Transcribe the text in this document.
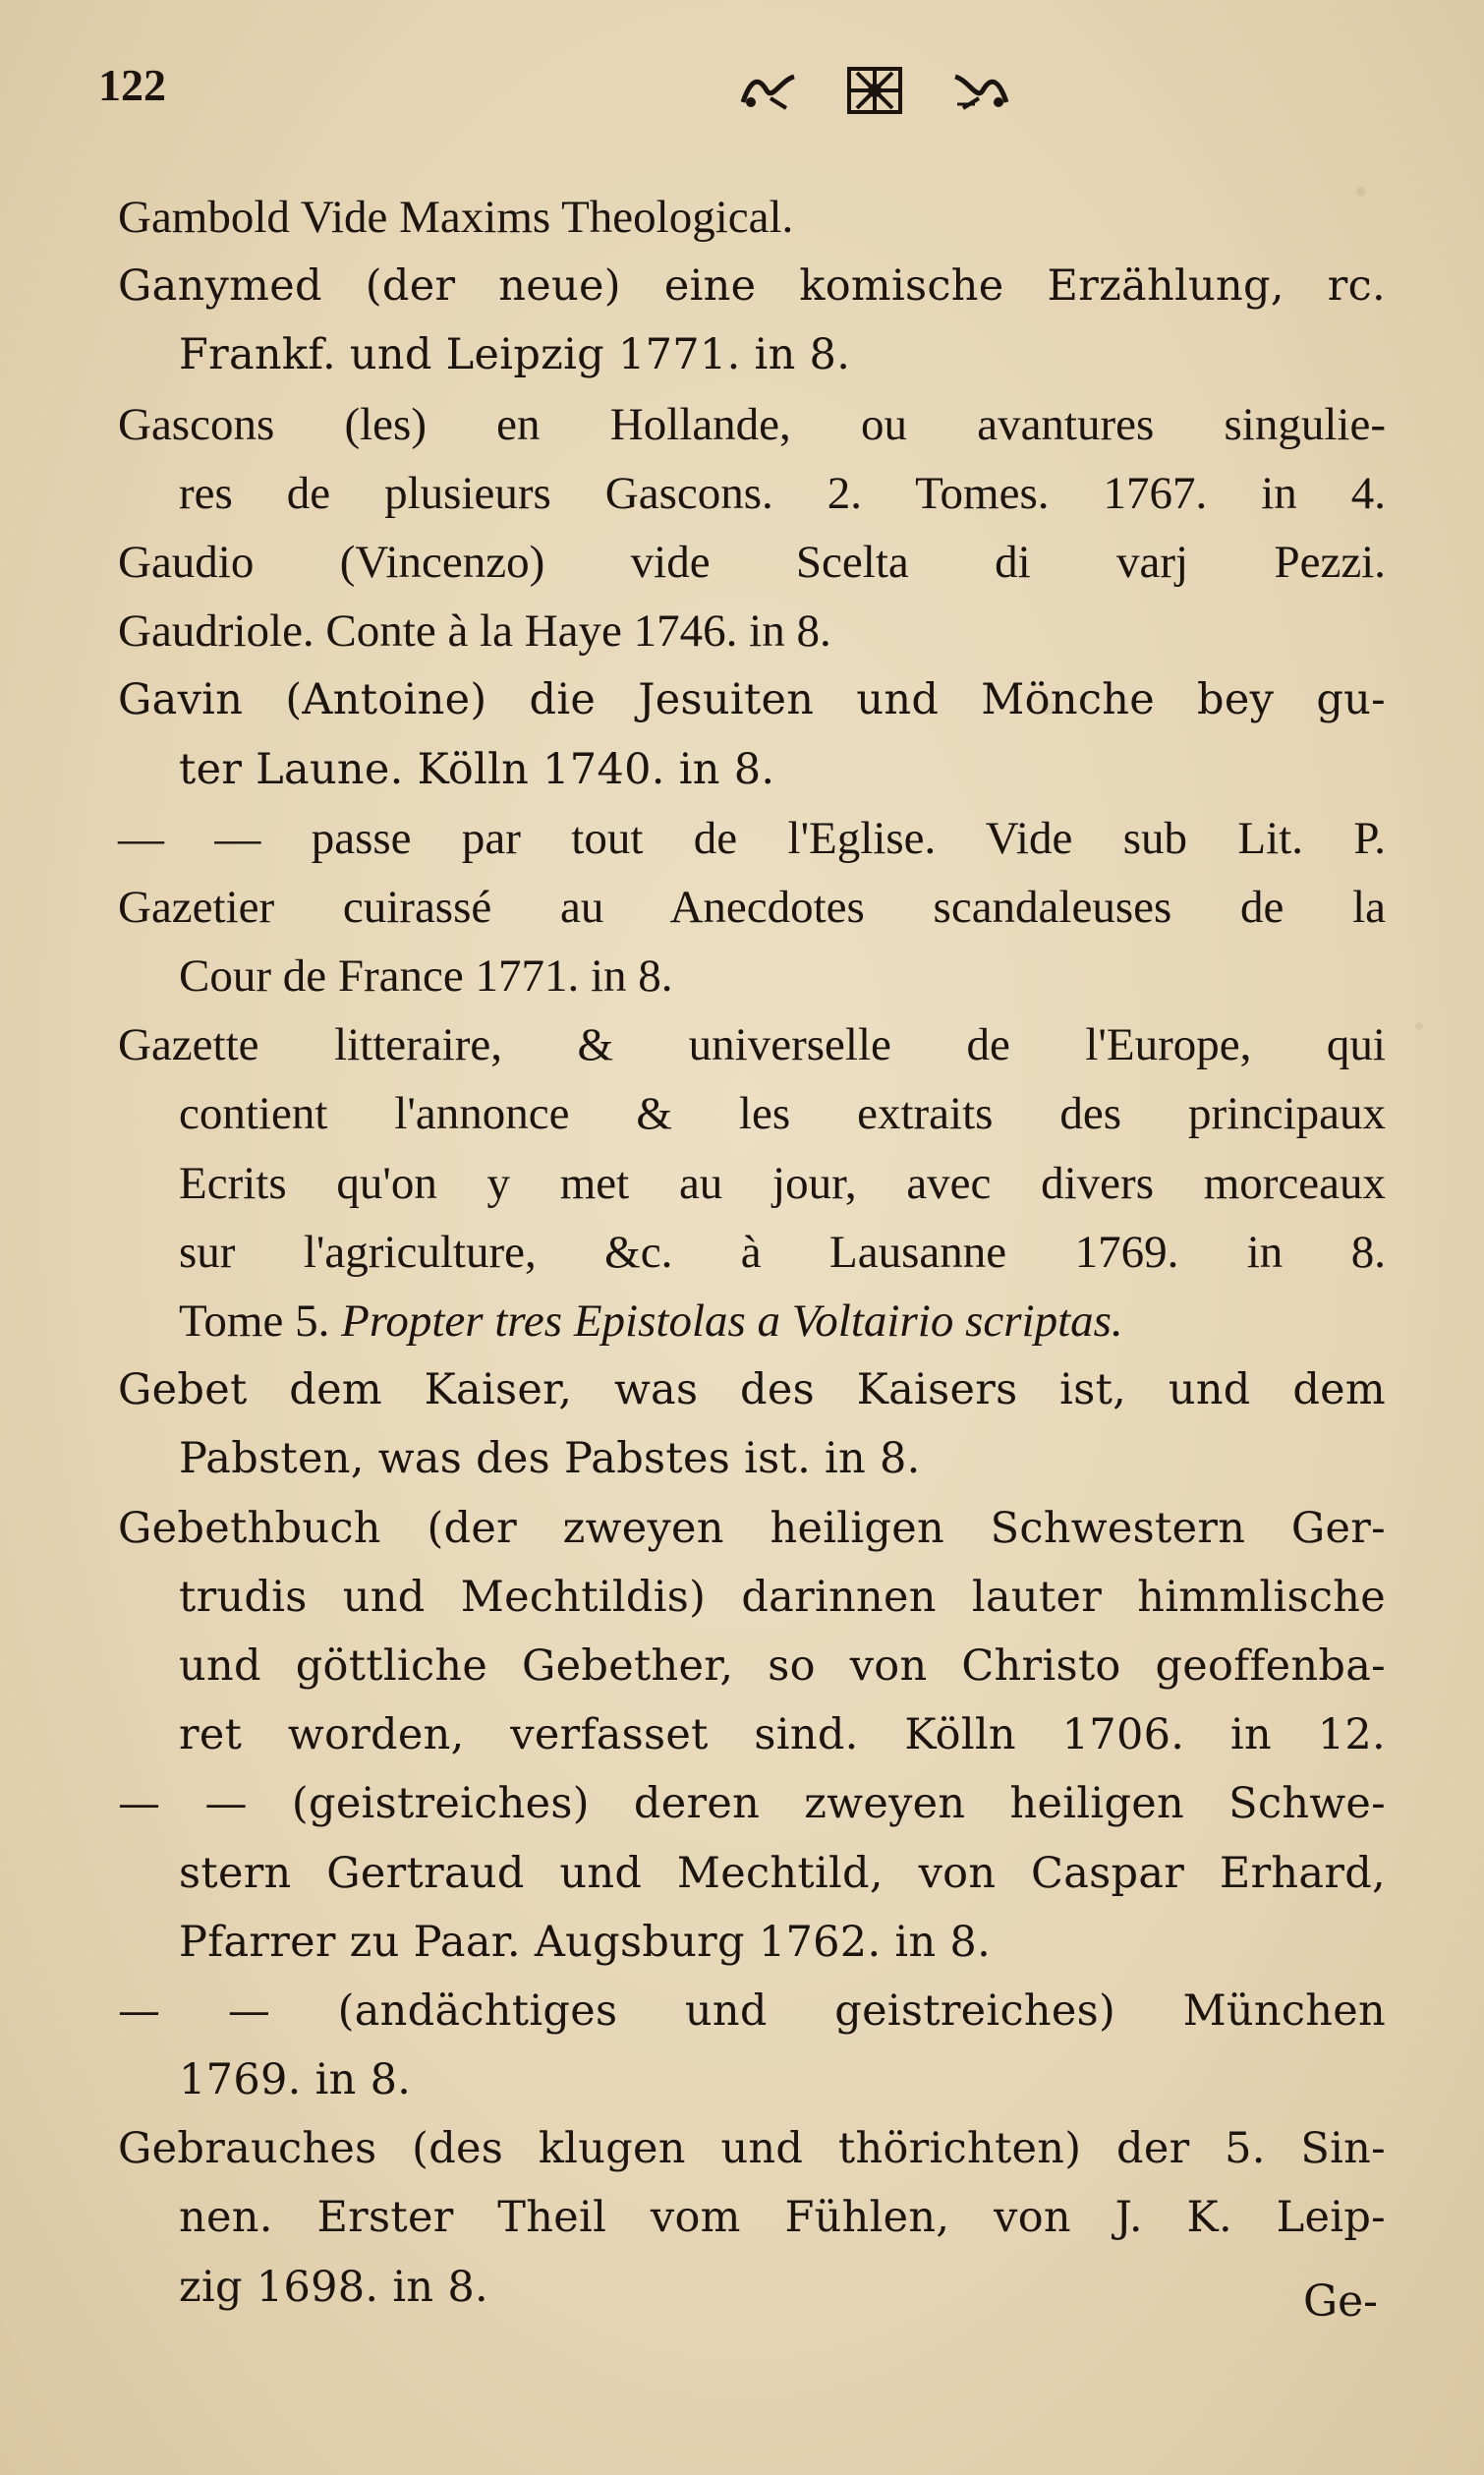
122
Gambold Vide Maxims Theological.
Ganymed (der neue) eine komische Erzählung, rc.
Frankf. und Leipzig 1771. in 8.
Gascons (les) en Hollande, ou avantures singulie-
res de plusieurs Gascons. 2. Tomes. 1767. in 4.
Gaudio (Vincenzo) vide Scelta di varj Pezzi.
Gaudriole. Conte à la Haye 1746. in 8.
Gavin (Antoine) die Jesuiten und Mönche bey gu-
ter Laune. Kölln 1740. in 8.
— — passe par tout de l'Eglise. Vide sub Lit. P.
Gazetier cuirassé au Anecdotes scandaleuses de la
Cour de France 1771. in 8.
Gazette litteraire, & universelle de l'Europe, qui
contient l'annonce & les extraits des principaux
Ecrits qu'on y met au jour, avec divers morceaux
sur l'agriculture, &c. à Lausanne 1769. in 8.
Tome 5. Propter tres Epistolas a Voltairio scriptas.
Gebet dem Kaiser, was des Kaisers ist, und dem
Pabsten, was des Pabstes ist. in 8.
Gebethbuch (der zweyen heiligen Schwestern Ger-
trudis und Mechtildis) darinnen lauter himmlische
und göttliche Gebether, so von Christo geoffenba-
ret worden, verfasset sind. Kölln 1706. in 12.
— — (geistreiches) deren zweyen heiligen Schwe-
stern Gertraud und Mechtild, von Caspar Erhard,
Pfarrer zu Paar. Augsburg 1762. in 8.
— — (andächtiges und geistreiches) München
1769. in 8.
Gebrauches (des klugen und thörichten) der 5. Sin-
nen. Erster Theil vom Fühlen, von J. K. Leip-
zig 1698. in 8.	Ge-
